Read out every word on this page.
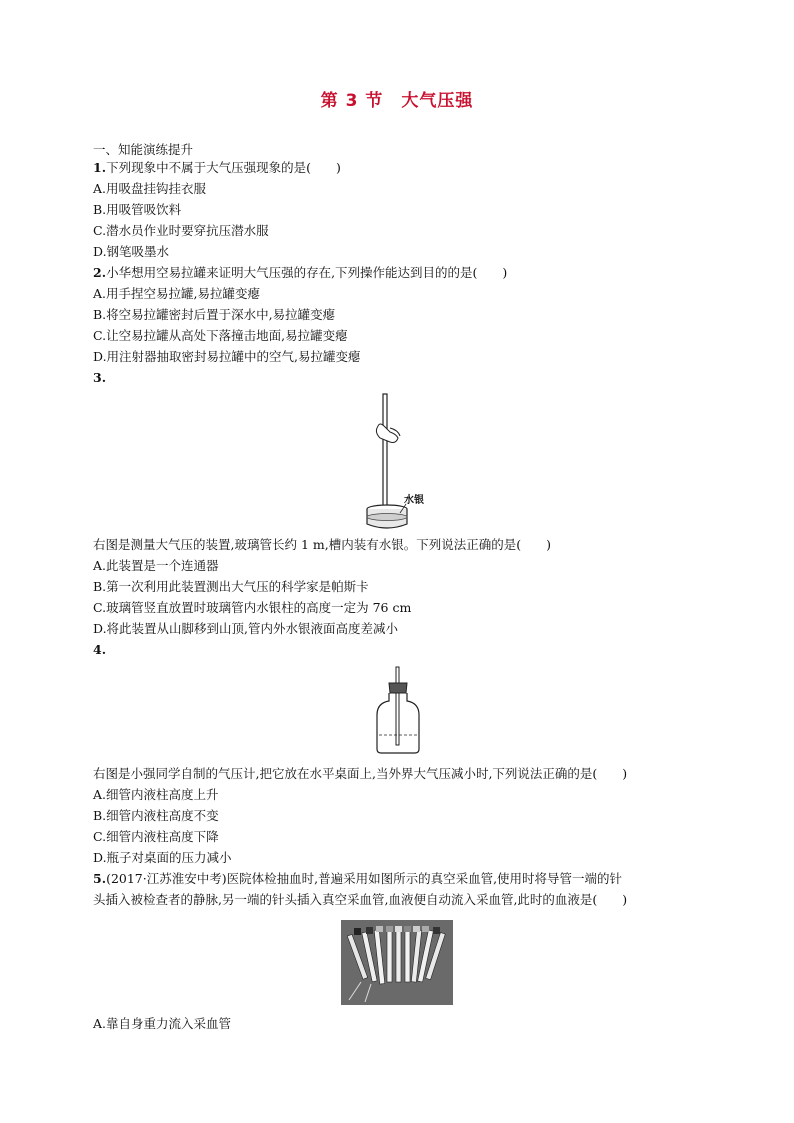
第 3 节　大气压强
一、知能演练提升
1.下列现象中不属于大气压强现象的是(　　)
A.用吸盘挂钩挂衣服
B.用吸管吸饮料
C.潜水员作业时要穿抗压潜水服
D.钢笔吸墨水
2.小华想用空易拉罐来证明大气压强的存在,下列操作能达到目的的是(　　)
A.用手捏空易拉罐,易拉罐变瘪
B.将空易拉罐密封后置于深水中,易拉罐变瘪
C.让空易拉罐从高处下落撞击地面,易拉罐变瘪
D.用注射器抽取密封易拉罐中的空气,易拉罐变瘪
3.
水银
右图是测量大气压的装置,玻璃管长约 1 m,槽内装有水银。下列说法正确的是(　　)
A.此装置是一个连通器
B.第一次利用此装置测出大气压的科学家是帕斯卡
C.玻璃管竖直放置时玻璃管内水银柱的高度一定为 76 cm
D.将此装置从山脚移到山顶,管内外水银液面高度差减小
4.
右图是小强同学自制的气压计,把它放在水平桌面上,当外界大气压减小时,下列说法正确的是(　　)
A.细管内液柱高度上升
B.细管内液柱高度不变
C.细管内液柱高度下降
D.瓶子对桌面的压力减小
5.(2017·江苏淮安中考)医院体检抽血时,普遍采用如图所示的真空采血管,使用时将导管一端的针
头插入被检查者的静脉,另一端的针头插入真空采血管,血液便自动流入采血管,此时的血液是(　　)
A.靠自身重力流入采血管
